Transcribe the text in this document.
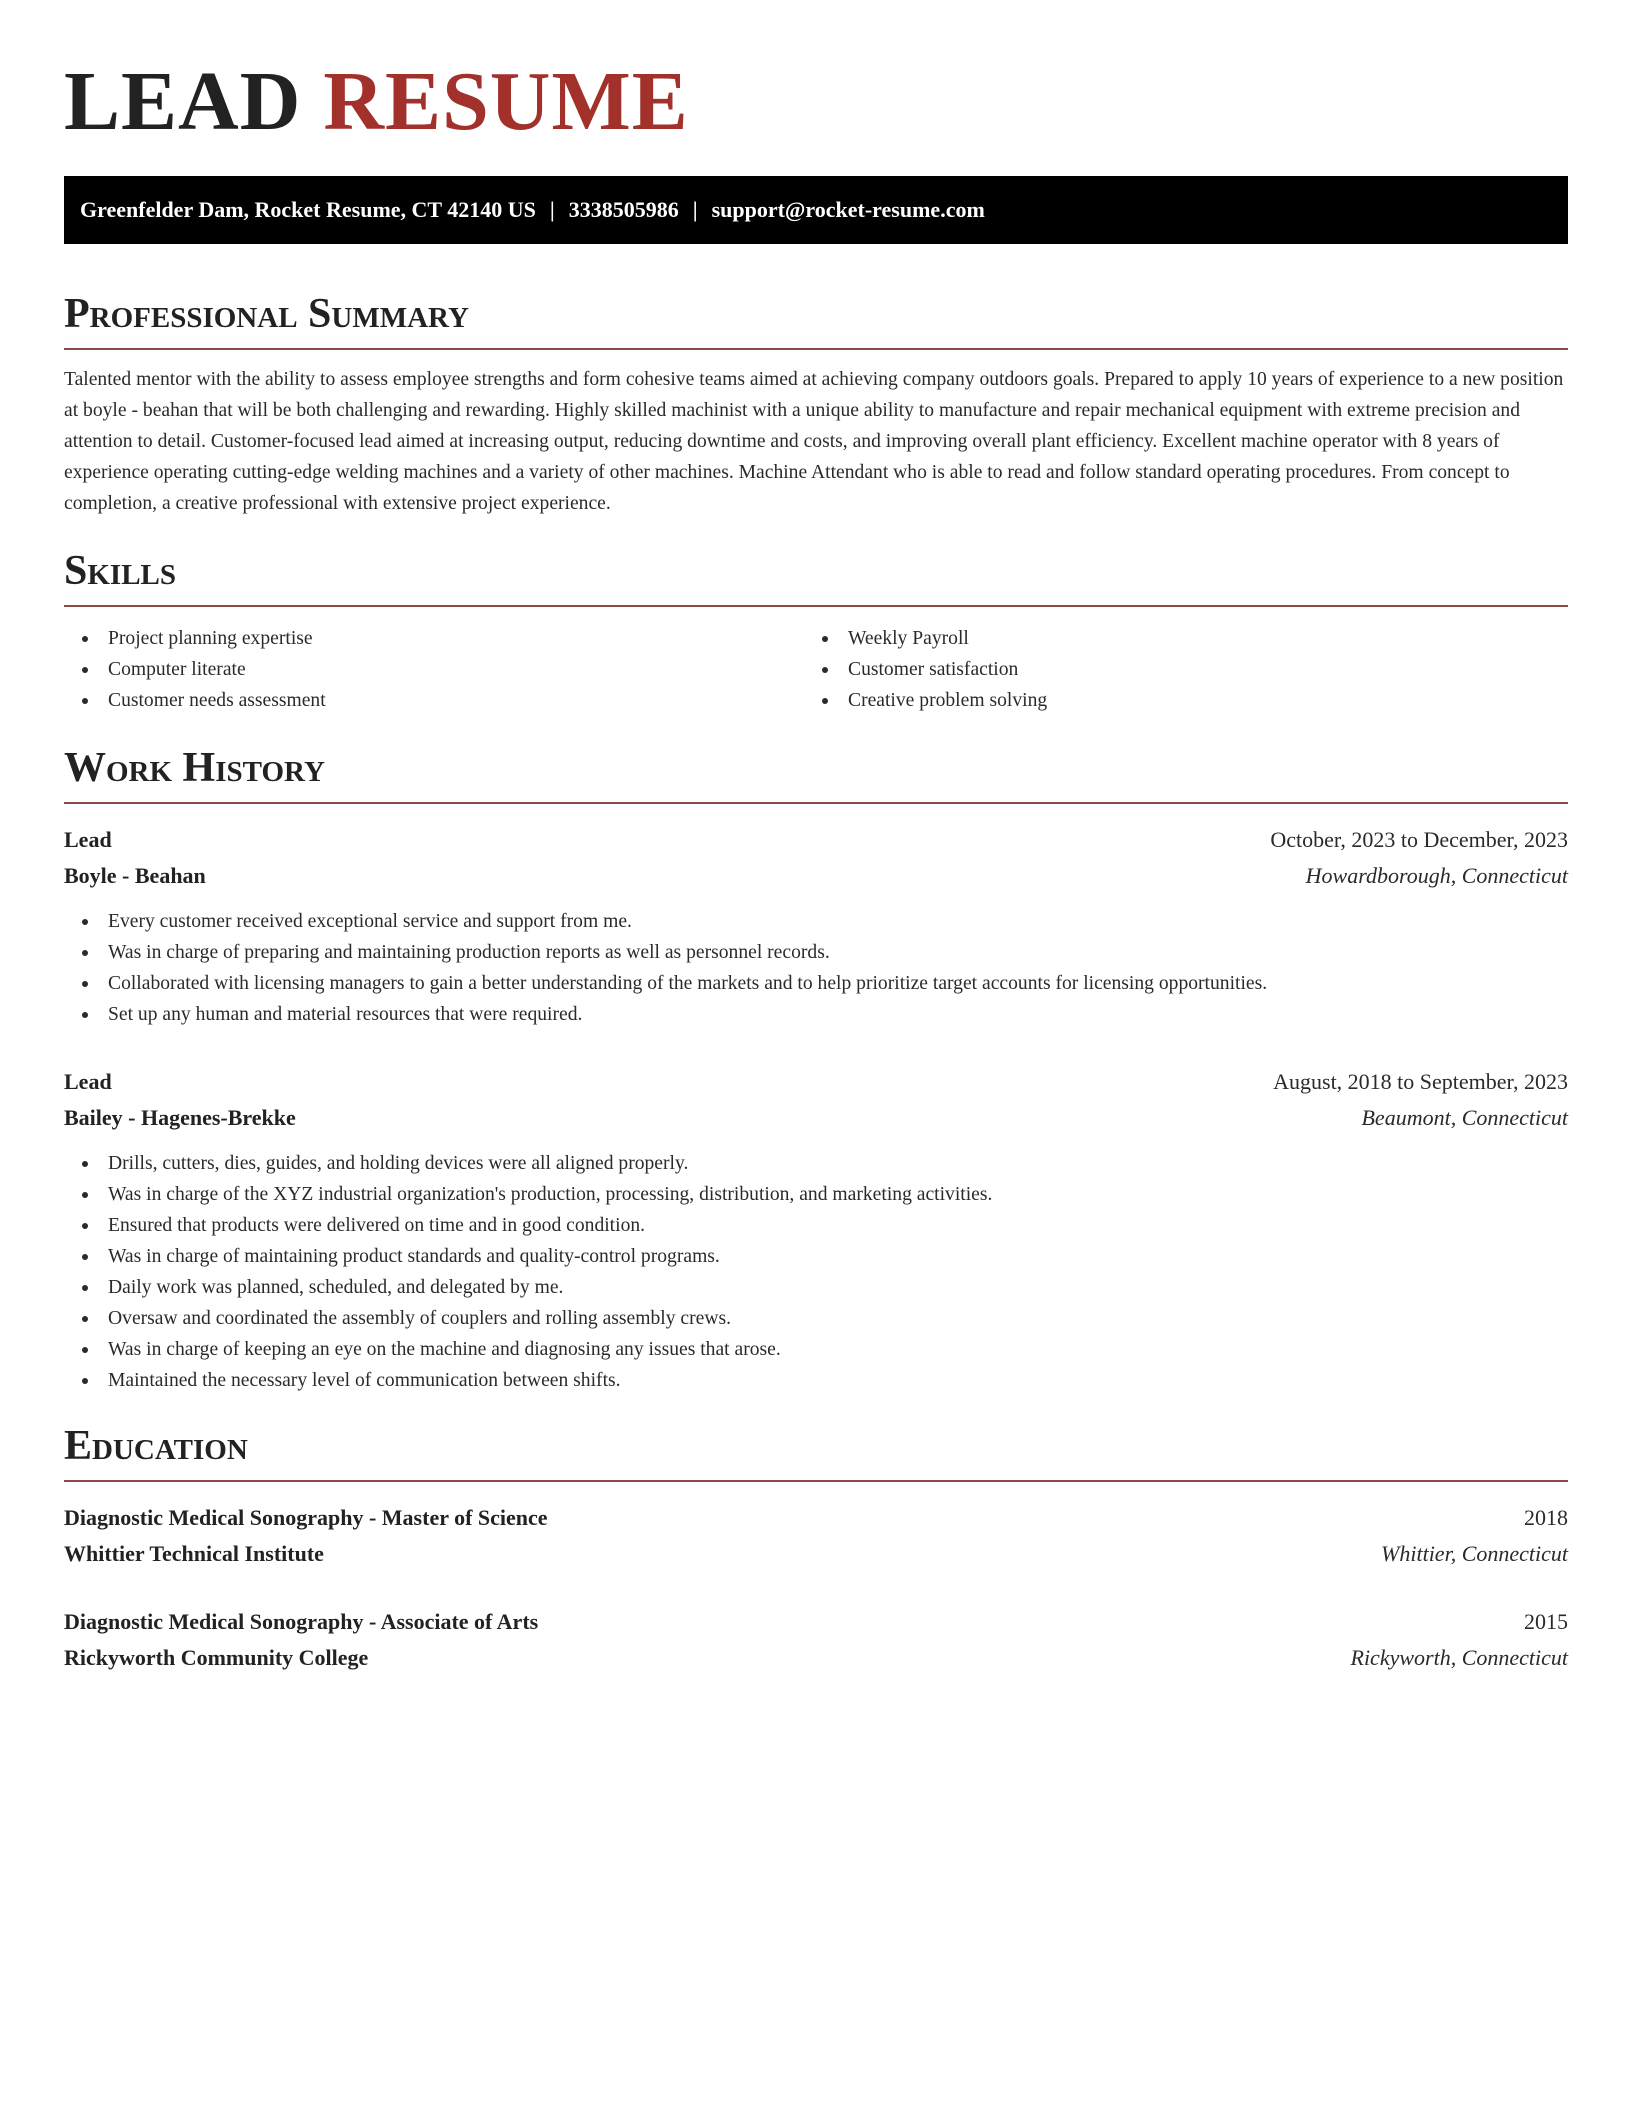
LEAD RESUME
Greenfelder Dam, Rocket Resume, CT 42140 US | 3338505986 | support@rocket-resume.com
Professional Summary

Talented mentor with the ability to assess employee strengths and form cohesive teams aimed at achieving company outdoors goals. Prepared to apply 10 years of experience to a new position at boyle - beahan that will be both challenging and rewarding. Highly skilled machinist with a unique ability to manufacture and repair mechanical equipment with extreme precision and attention to detail. Customer-focused lead aimed at increasing output, reducing downtime and costs, and improving overall plant efficiency. Excellent machine operator with 8 years of experience operating cutting-edge welding machines and a variety of other machines. Machine Attendant who is able to read and follow standard operating procedures. From concept to completion, a creative professional with extensive project experience.

Skills
Project planning expertise
Computer literate
Customer needs assessment
Weekly Payroll
Customer satisfaction
Creative problem solving
Work History
Lead	October, 2023 to December, 2023
Boyle - Beahan	Howardborough, Connecticut
Every customer received exceptional service and support from me.
Was in charge of preparing and maintaining production reports as well as personnel records.
Collaborated with licensing managers to gain a better understanding of the markets and to help prioritize target accounts for licensing opportunities.
Set up any human and material resources that were required.
Lead	August, 2018 to September, 2023
Bailey - Hagenes-Brekke	Beaumont, Connecticut
Drills, cutters, dies, guides, and holding devices were all aligned properly.
Was in charge of the XYZ industrial organization's production, processing, distribution, and marketing activities.
Ensured that products were delivered on time and in good condition.
Was in charge of maintaining product standards and quality-control programs.
Daily work was planned, scheduled, and delegated by me.
Oversaw and coordinated the assembly of couplers and rolling assembly crews.
Was in charge of keeping an eye on the machine and diagnosing any issues that arose.
Maintained the necessary level of communication between shifts.
Education
Diagnostic Medical Sonography - Master of Science	2018
Whittier Technical Institute	Whittier, Connecticut
Diagnostic Medical Sonography - Associate of Arts	2015
Rickyworth Community College	Rickyworth, Connecticut
